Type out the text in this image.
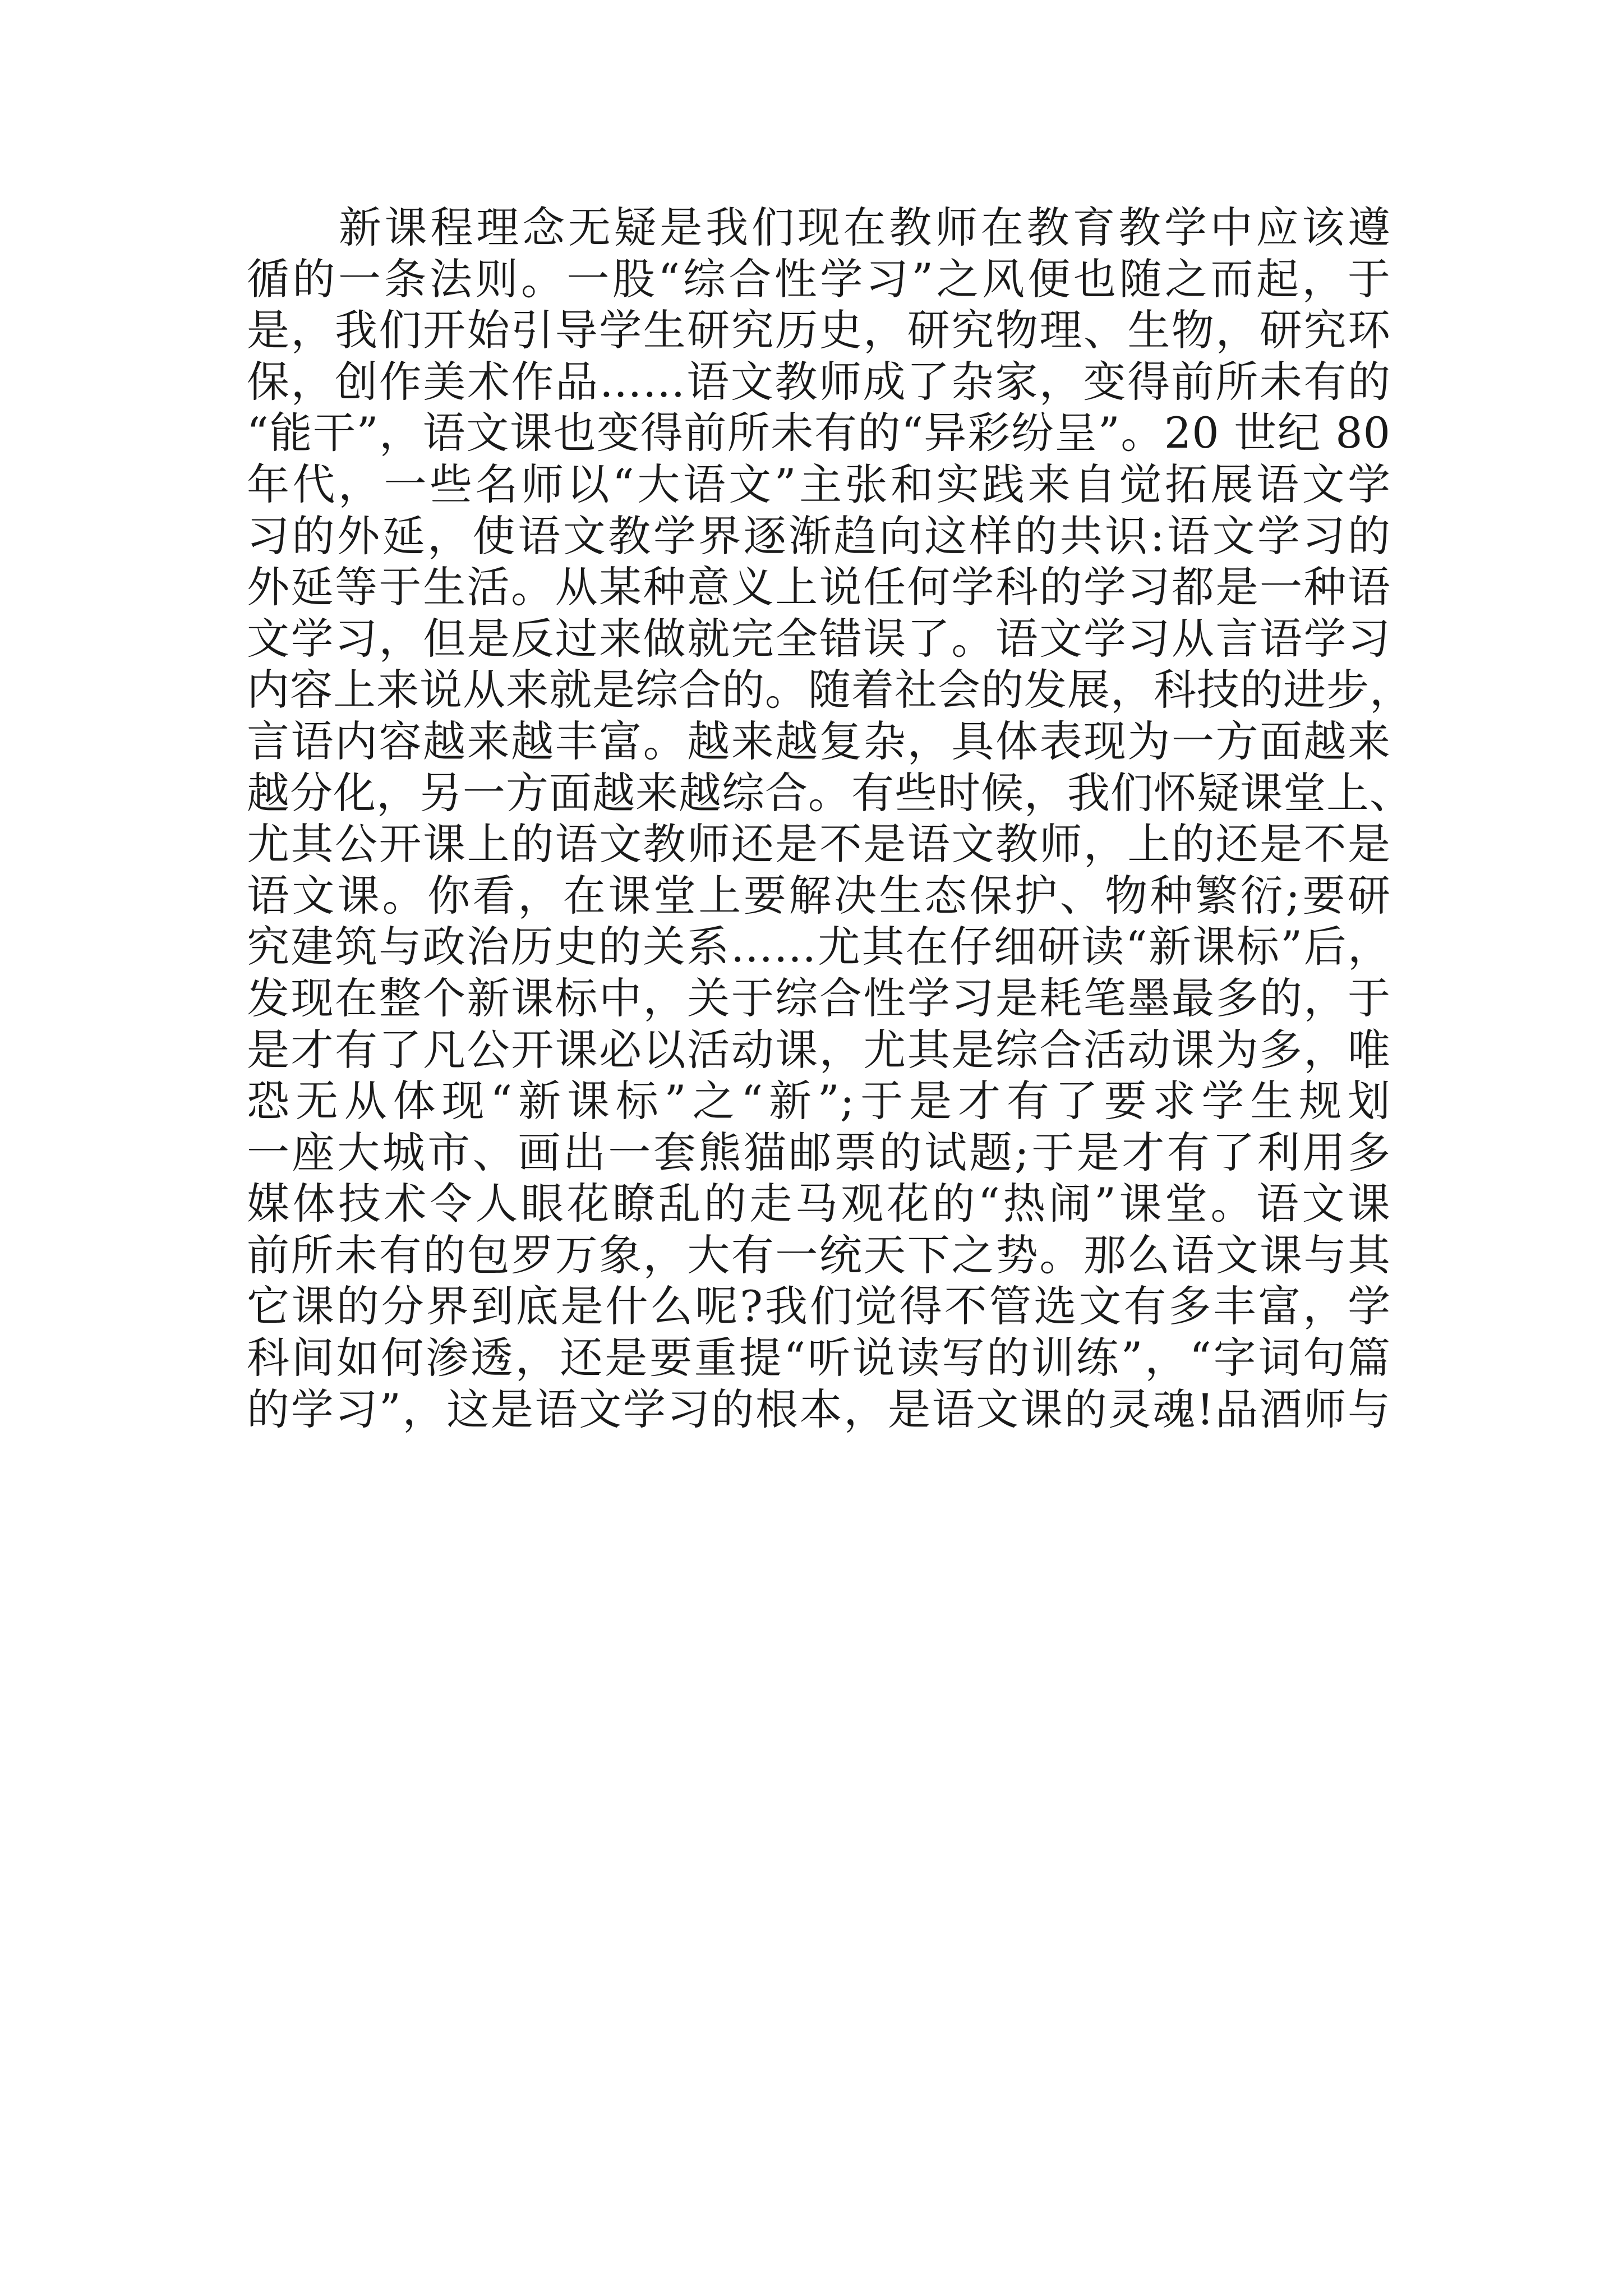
新课程理念无疑是我们现在教师在教育教学中应该遵
循的一条法则。一股“综合性学习”之风便也随之而起，于
是，我们开始引导学生研究历史，研究物理、生物，研究环
保，创作美术作品……语文教师成了杂家，变得前所未有的
“能干”，语文课也变得前所未有的“异彩纷呈”。20 世纪 80
年代，一些名师以“大语文”主张和实践来自觉拓展语文学
习的外延，使语文教学界逐渐趋向这样的共识:语文学习的
外延等于生活。从某种意义上说任何学科的学习都是一种语
文学习，但是反过来做就完全错误了。语文学习从言语学习
内容上来说从来就是综合的。随着社会的发展，科技的进步，
言语内容越来越丰富。越来越复杂，具体表现为一方面越来
越分化，另一方面越来越综合。有些时候，我们怀疑课堂上、
尤其公开课上的语文教师还是不是语文教师，上的还是不是
语文课。你看，在课堂上要解决生态保护、物种繁衍;要研
究建筑与政治历史的关系……尤其在仔细研读“新课标”后，
发现在整个新课标中，关于综合性学习是耗笔墨最多的，于
是才有了凡公开课必以活动课，尤其是综合活动课为多，唯
恐无从体现“新课标”之“新”;于是才有了要求学生规划
一座大城市、画出一套熊猫邮票的试题;于是才有了利用多
媒体技术令人眼花瞭乱的走马观花的“热闹”课堂。语文课
前所未有的包罗万象，大有一统天下之势。那么语文课与其
它课的分界到底是什么呢?我们觉得不管选文有多丰富，学
科间如何渗透，还是要重提“听说读写的训练”，“字词句篇
的学习”，这是语文学习的根本，是语文课的灵魂!品酒师与
